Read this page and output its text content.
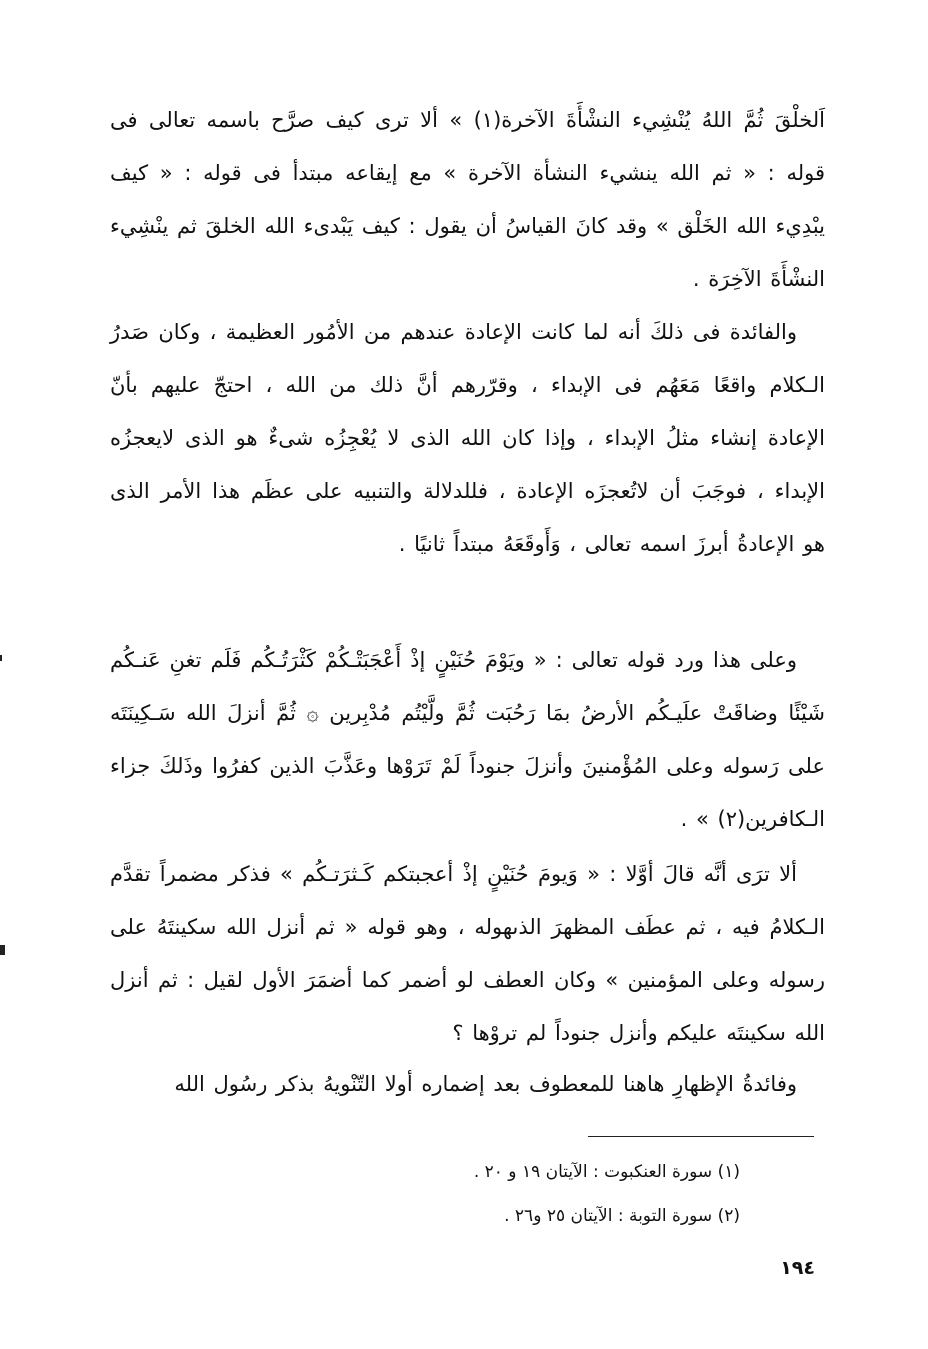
اَلخلْقَ ثُمَّ اللهُ يُنْشِيء النشْأَةَ الآخرة(١) » ألا ترى كيف صرَّح باسمه تعالى فى قوله : « ثم الله ينشيء النشأة الآخرة » مع إيقاعه مبتدأ فى قوله : « كيف يبْدِيء الله الخَلْق » وقد كانَ القياسُ أن يقول : كيف يَبْدىء الله الخلقَ ثم ينْشِيء النشْأَةَ الآخِرَة .

والفائدة فى ذلكَ أنه لما كانت الإعادة عندهم من الأمُور العظيمة ، وكان صَدرُ الـكلام واقعًا مَعَهُم فى الإبداء ، وقرّرهم أنَّ ذلك من الله ، احتجّ عليهم بأنّ الإعادة إنشاء مثلُ الإبداء ، وإذا كان الله الذى لا يُعْجِزُه شىءٌ هو الذى لايعجزُه الإبداء ، فوجَبَ أن لاتُعجزَه الإعادة ، فللدلالة والتنبيه على عظَم هذا الأمر الذى هو الإعادةُ أبرزَ اسمه تعالى ، وَأَوقَعَهُ مبتداً ثانيًا .

وعلى هذا ورد قوله تعالى : « ويَوْمَ حُنَيْنٍ إذْ أَعْجَبَتْـكُمْ كَثْرَتُـكُم فَلَم تغنِ عَنـكُم شَيْئًا وضاقَتْ علَيـكُم الأرضُ بمَا رَحُبَت ثُمَّ ولَّيْتُم مُدْبِرين ۞ ثُمَّ أنزلَ الله سَـكِينَتَه على رَسوله وعلى المُؤْمنينَ وأنزلَ جنوداً لَمْ تَرَوْها وعَذَّبَ الذين كفرُوا وذَلكَ جزاء الـكافرين(٢) » .

ألا ترَى أنَّه قالَ أوَّلا : « وَيومَ حُنَيْنٍ إذْ أعجبتكم كَـثرَتـكُم » فذكر مضمراً تقدَّم الـكلامُ فيه ، ثم عطَف المظهرَ الذىهوله ، وهو قوله « ثم أنزل الله سكينتَهُ على رسوله وعلى المؤمنين » وكان العطف لو أضمر كما أضمَرَ الأول لقيل : ثم أنزل الله سكينتَه عليكم وأنزل جنوداً لم تروْها ؟

وفائدةُ الإظهارِ هاهنا للمعطوف بعد إضماره أولا التّنْويهُ بذكر رسُول الله

(١) سورة العنكبوت : الآيتان ١٩ و ٢٠ .

(٢) سورة التوبة : الآيتان ٢٥ و٢٦ .

١٩٤
